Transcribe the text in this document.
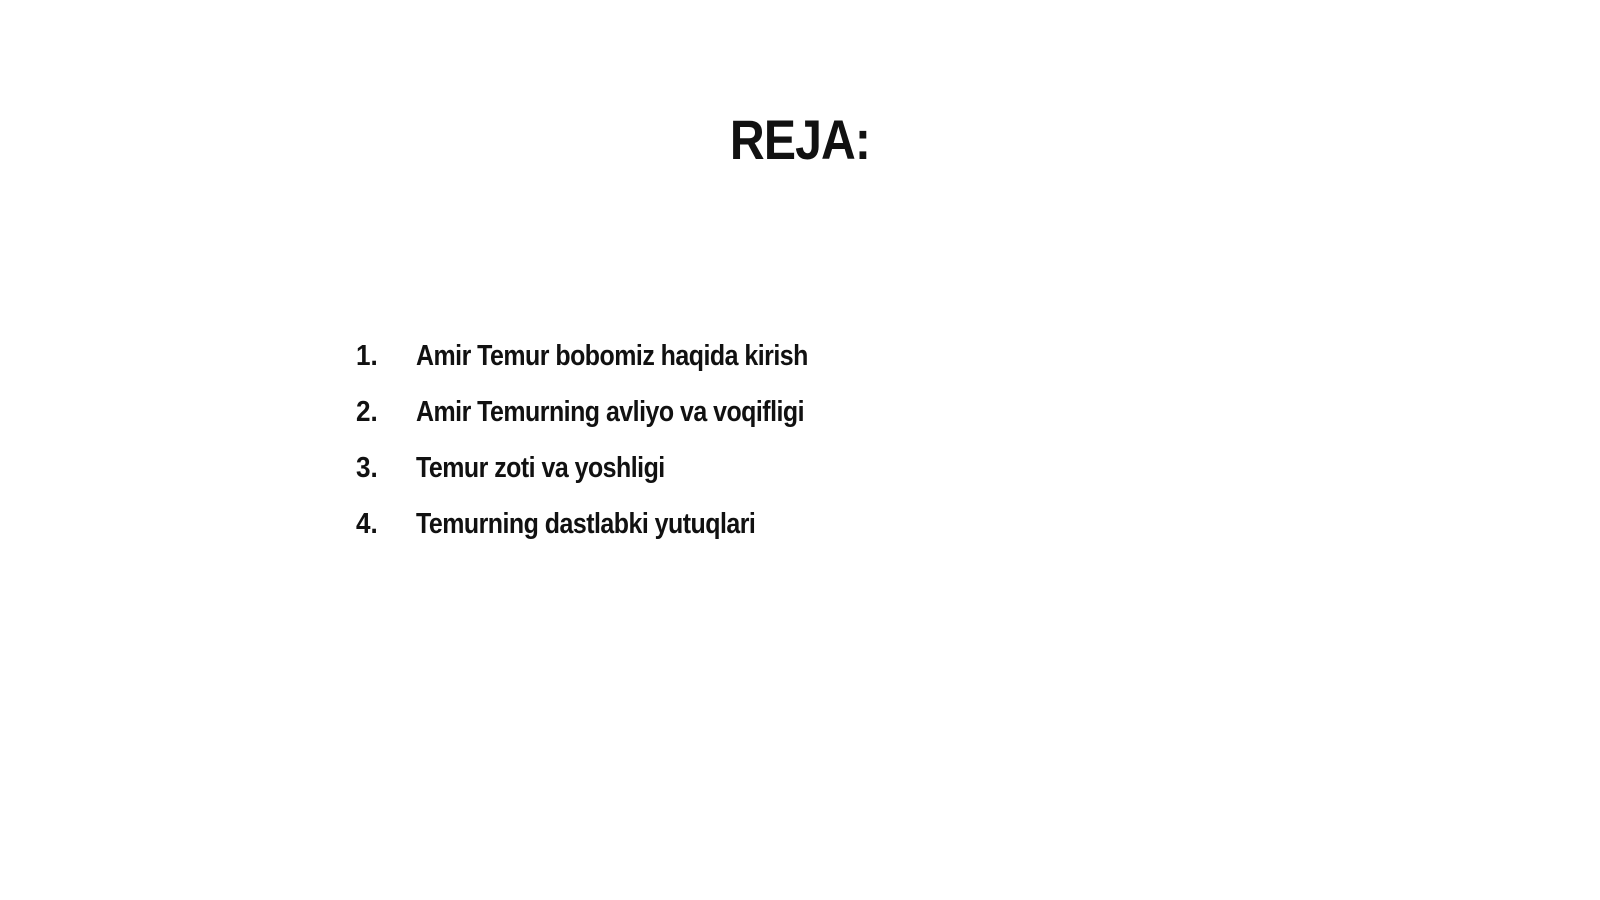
REJA:
1.	Amir Temur bobomiz haqida kirish
2.	Amir Temurning avliyo va voqifligi
3.	Temur zoti va yoshligi
4.	Temurning dastlabki yutuqlari
